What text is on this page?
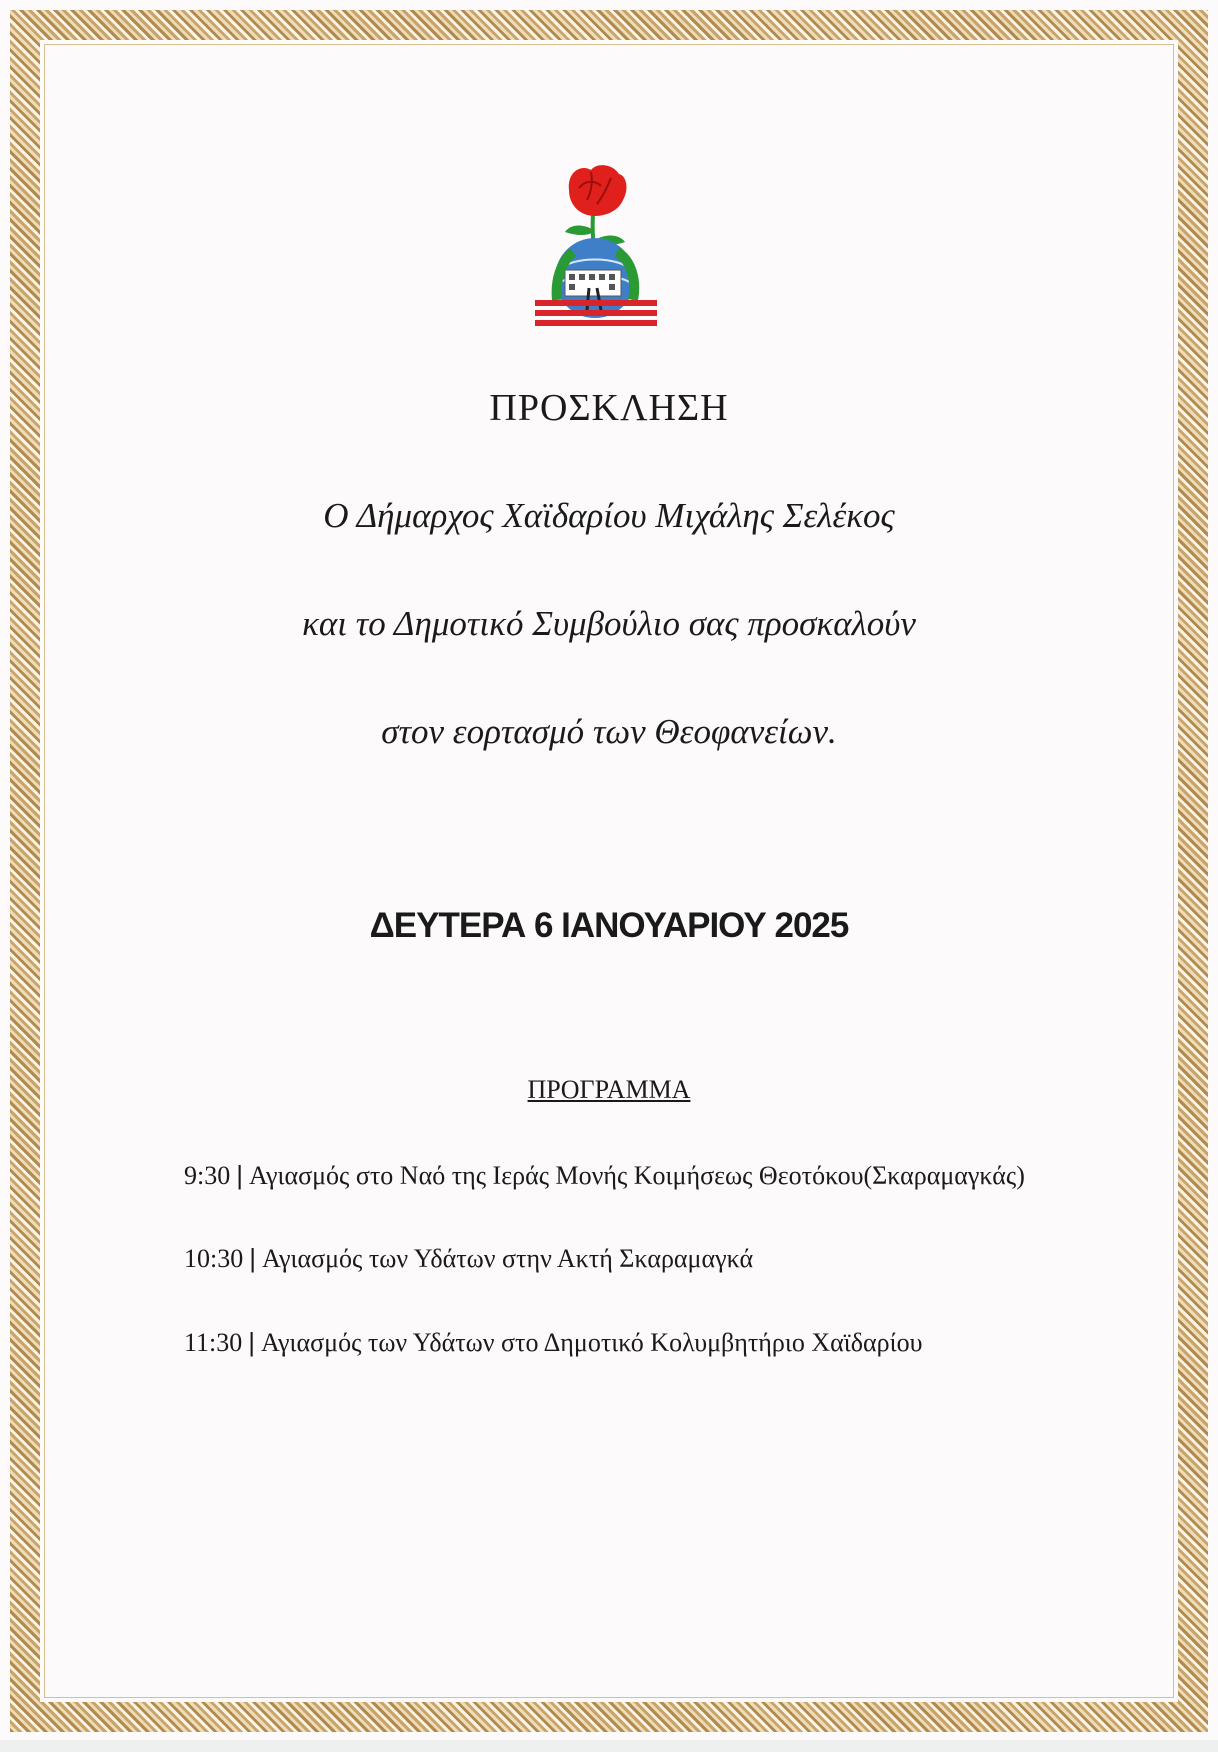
ΠΡΟΣΚΛΗΣΗ
Ο Δήμαρχος Χαϊδαρίου Μιχάλης Σελέκος
και το Δημοτικό Συμβούλιο σας προσκαλούν
στον εορτασμό των Θεοφανείων.
ΔΕΥΤΕΡΑ 6 ΙΑΝΟΥΑΡΙΟΥ 2025
ΠΡΟΓΡΑΜΜΑ
9:30 | Αγιασμός στο Ναό της Ιεράς Μονής Κοιμήσεως Θεοτόκου(Σκαραμαγκάς)
10:30 | Αγιασμός των Υδάτων στην Ακτή Σκαραμαγκά
11:30 | Αγιασμός των Υδάτων στο Δημοτικό Κολυμβητήριο Χαϊδαρίου
